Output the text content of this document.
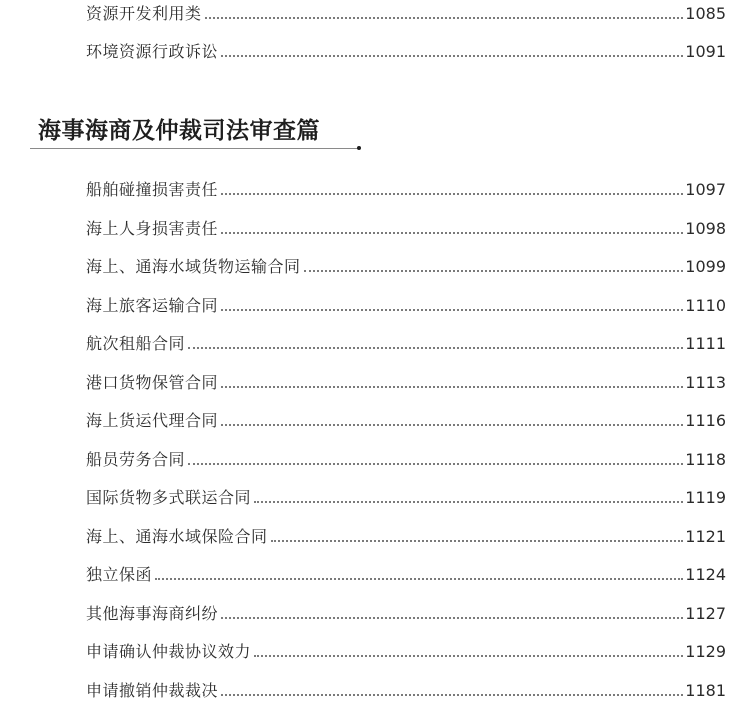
资源开发利用类	1085
环境资源行政诉讼	1091
海事海商及仲裁司法审查篇
船舶碰撞损害责任	1097
海上人身损害责任	1098
海上、通海水域货物运输合同	1099
海上旅客运输合同	1110
航次租船合同	1111
港口货物保管合同	1113
海上货运代理合同	1116
船员劳务合同	1118
国际货物多式联运合同	1119
海上、通海水域保险合同	1121
独立保函	1124
其他海事海商纠纷	1127
申请确认仲裁协议效力	1129
申请撤销仲裁裁决	1181
